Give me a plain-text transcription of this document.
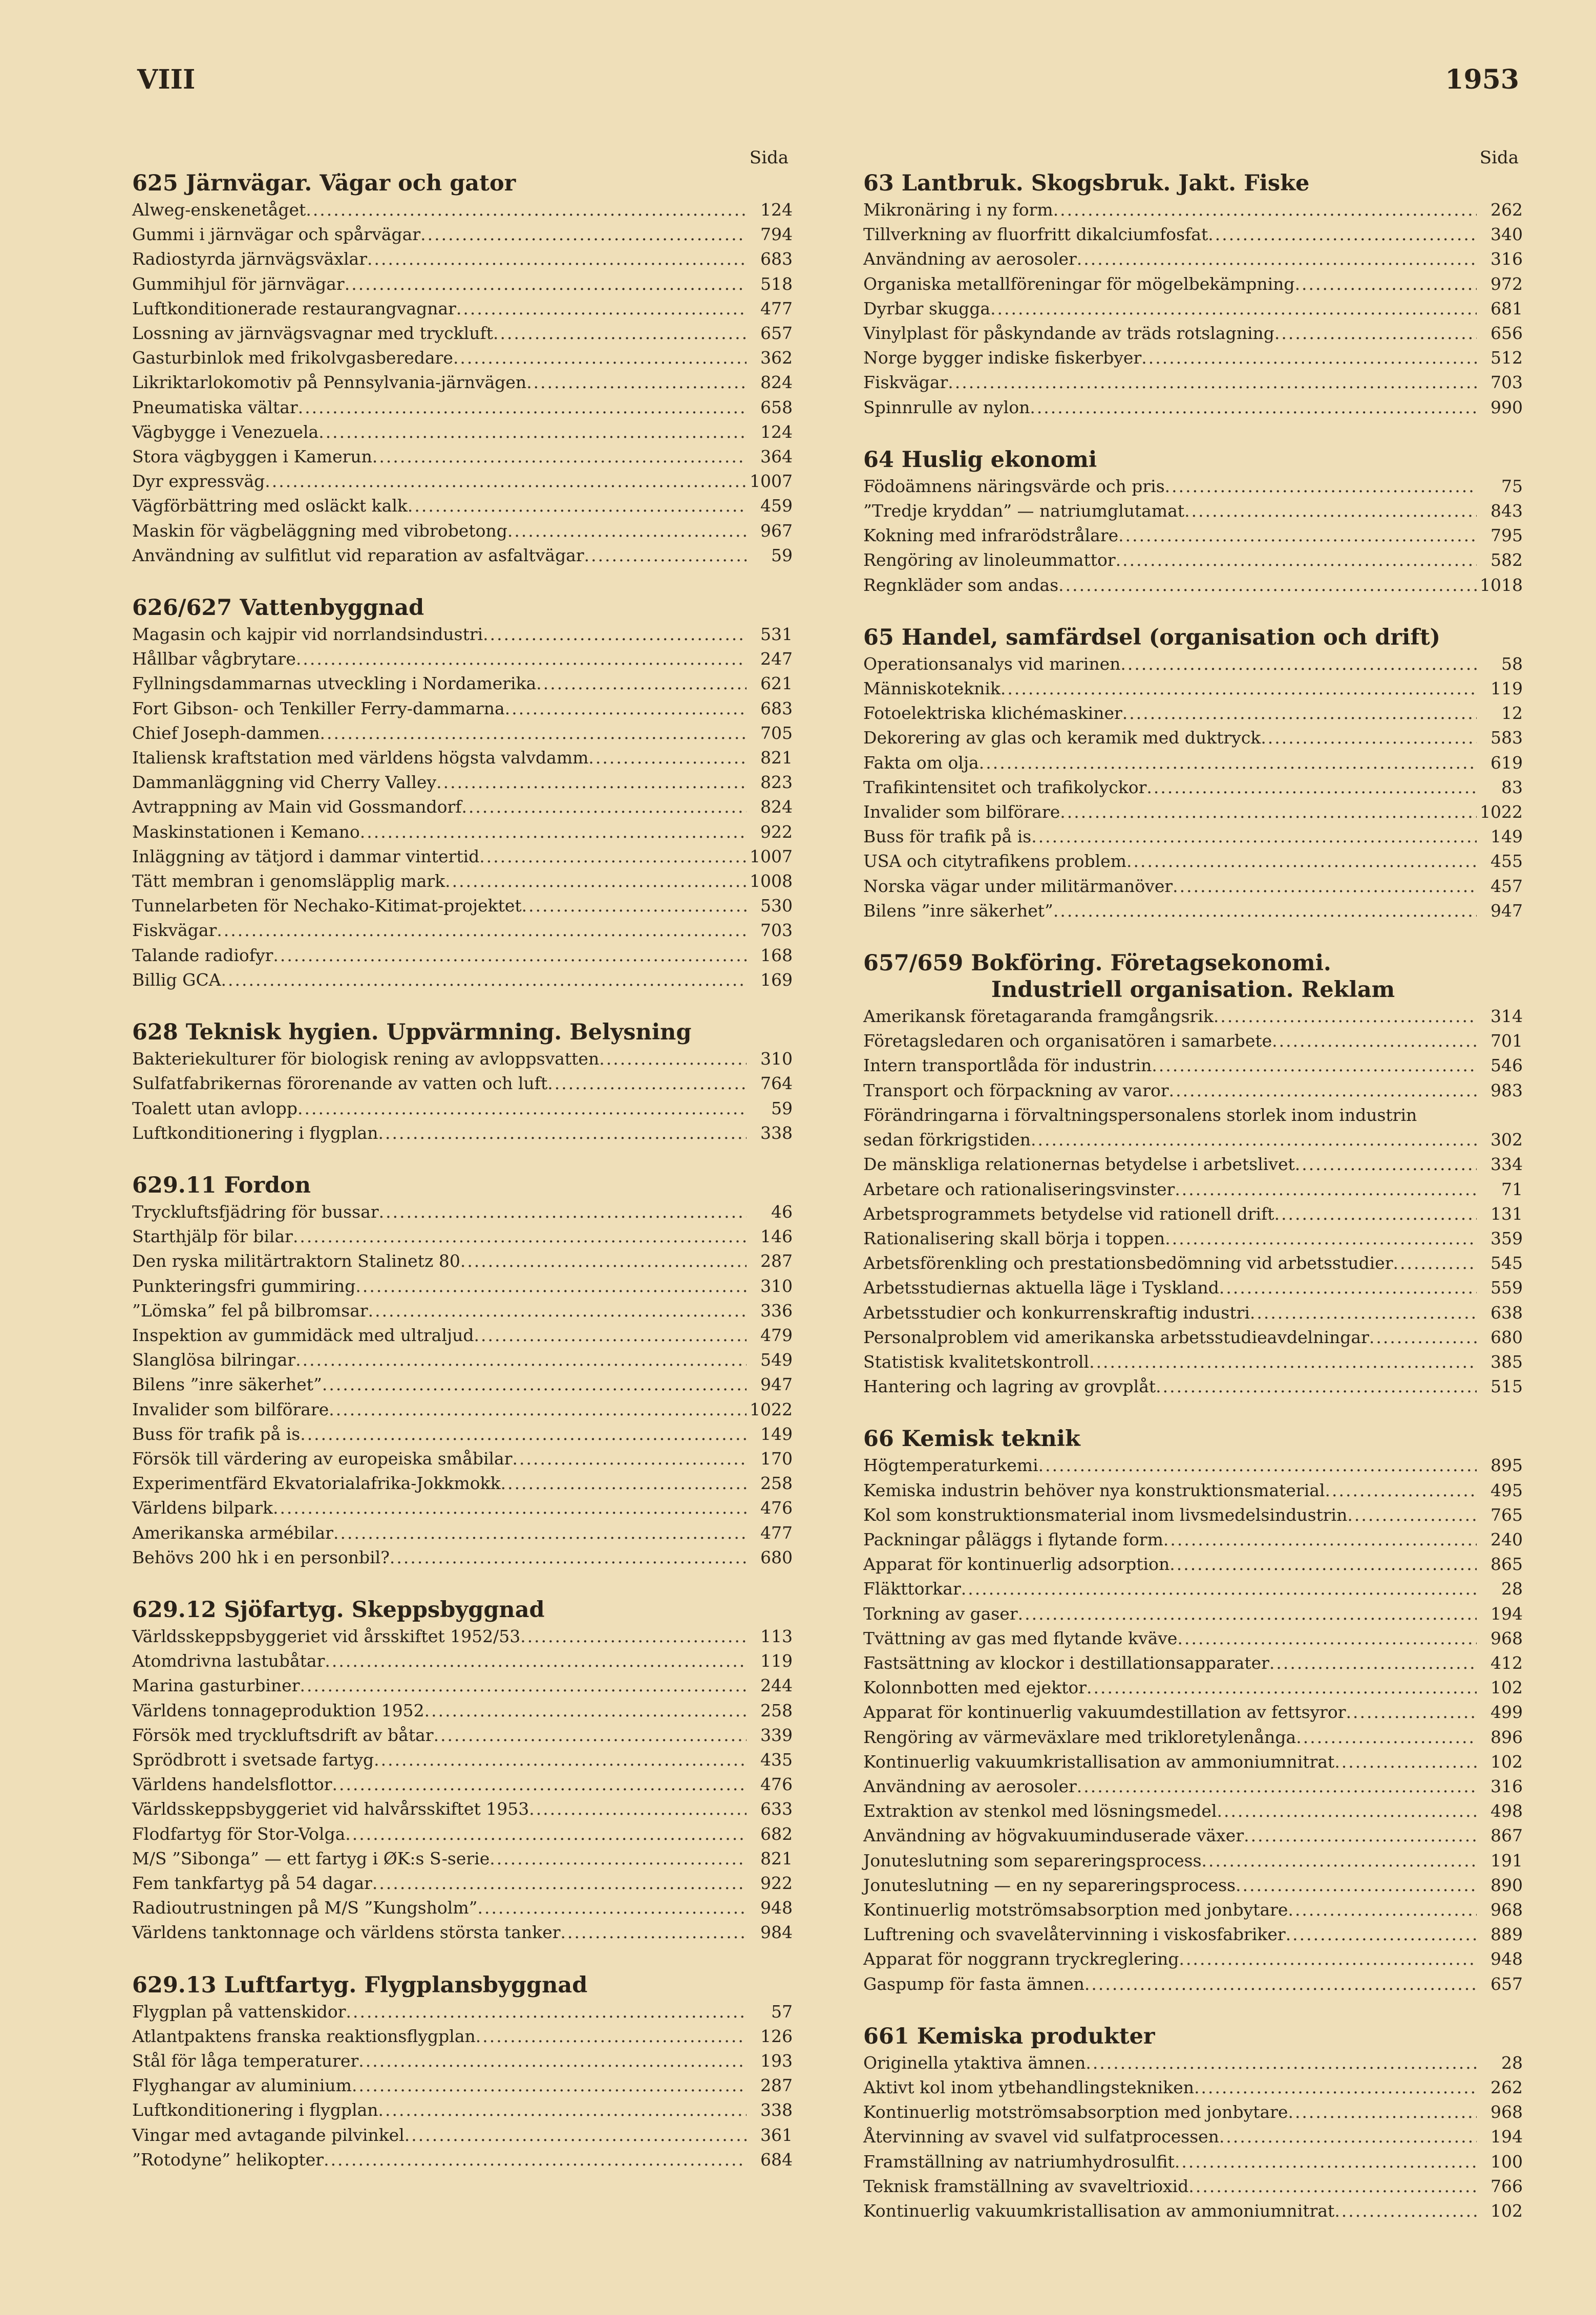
VIII	1953
Sida
625 Järnvägar. Vägar och gator
Alweg-enskenetåget .....	124
Gummi i järnvägar och spårvägar .....	794
Radiostyrda järnvägsväxlar .....	683
Gummihjul för järnvägar .....	518
Luftkonditionerade restaurangvagnar .....	477
Lossning av järnvägsvagnar med tryckluft .....	657
Gasturbinlok med frikolvgasberedare .....	362
Likriktarlokomotiv på Pennsylvania-järnvägen .....	824
Pneumatiska vältar .....	658
Vägbygge i Venezuela .....	124
Stora vägbyggen i Kamerun .....	364
Dyr expressväg .....	1007
Vägförbättring med osläckt kalk .....	459
Maskin för vägbeläggning med vibrobetong .....	967
Användning av sulfitlut vid reparation av asfaltvägar .....	59
626/627 Vattenbyggnad
Magasin och kajpir vid norrlandsindustri .....	531
Hållbar vågbrytare .....	247
Fyllningsdammarnas utveckling i Nordamerika .....	621
Fort Gibson- och Tenkiller Ferry-dammarna .....	683
Chief Joseph-dammen .....	705
Italiensk kraftstation med världens högsta valvdamm .....	821
Dammanläggning vid Cherry Valley .....	823
Avtrappning av Main vid Gossmandorf .....	824
Maskinstationen i Kemano .....	922
Inläggning av tätjord i dammar vintertid .....	1007
Tätt membran i genomsläpplig mark .....	1008
Tunnelarbeten för Nechako-Kitimat-projektet .....	530
Fiskvägar .....	703
Talande radiofyr .....	168
Billig GCA .....	169
628 Teknisk hygien. Uppvärmning. Belysning
Bakteriekulturer för biologisk rening av avloppsvatten .....	310
Sulfatfabrikernas förorenande av vatten och luft .....	764
Toalett utan avlopp .....	59
Luftkonditionering i flygplan .....	338
629.11 Fordon
Tryckluftsfjädring för bussar .....	46
Starthjälp för bilar .....	146
Den ryska militärtraktorn Stalinetz 80 .....	287
Punkteringsfri gummiring .....	310
”Lömska” fel på bilbromsar .....	336
Inspektion av gummidäck med ultraljud .....	479
Slanglösa bilringar .....	549
Bilens ”inre säkerhet” .....	947
Invalider som bilförare .....	1022
Buss för trafik på is .....	149
Försök till värdering av europeiska småbilar .....	170
Experimentfärd Ekvatorialafrika-Jokkmokk .....	258
Världens bilpark .....	476
Amerikanska armébilar .....	477
Behövs 200 hk i en personbil? .....	680
629.12 Sjöfartyg. Skeppsbyggnad
Världsskeppsbyggeriet vid årsskiftet 1952/53 .....	113
Atomdrivna lastubåtar .....	119
Marina gasturbiner .....	244
Världens tonnageproduktion 1952 .....	258
Försök med tryckluftsdrift av båtar .....	339
Sprödbrott i svetsade fartyg .....	435
Världens handelsflottor .....	476
Världsskeppsbyggeriet vid halvårsskiftet 1953 .....	633
Flodfartyg för Stor-Volga .....	682
M/S ”Sibonga” — ett fartyg i ØK:s S-serie .....	821
Fem tankfartyg på 54 dagar .....	922
Radioutrustningen på M/S ”Kungsholm” .....	948
Världens tanktonnage och världens största tanker .....	984
629.13 Luftfartyg. Flygplansbyggnad
Flygplan på vattenskidor .....	57
Atlantpaktens franska reaktionsflygplan .....	126
Stål för låga temperaturer .....	193
Flyghangar av aluminium .....	287
Luftkonditionering i flygplan .....	338
Vingar med avtagande pilvinkel .....	361
”Rotodyne” helikopter .....	684
Sida
63 Lantbruk. Skogsbruk. Jakt. Fiske
Mikronäring i ny form .....	262
Tillverkning av fluorfritt dikalciumfosfat .....	340
Användning av aerosoler .....	316
Organiska metallföreningar för mögelbekämpning .....	972
Dyrbar skugga .....	681
Vinylplast för påskyndande av träds rotslagning .....	656
Norge bygger indiske fiskerbyer .....	512
Fiskvägar .....	703
Spinnrulle av nylon .....	990
64 Huslig ekonomi
Födoämnens näringsvärde och pris .....	75
”Tredje kryddan” — natriumglutamat .....	843
Kokning med infrarödstrålare .....	795
Rengöring av linoleummattor .....	582
Regnkläder som andas .....	1018
65 Handel, samfärdsel (organisation och drift)
Operationsanalys vid marinen .....	58
Människoteknik .....	119
Fotoelektriska klichémaskiner .....	12
Dekorering av glas och keramik med duktryck .....	583
Fakta om olja .....	619
Trafikintensitet och trafikolyckor .....	83
Invalider som bilförare .....	1022
Buss för trafik på is .....	149
USA och citytrafikens problem .....	455
Norska vägar under militärmanöver .....	457
Bilens ”inre säkerhet” .....	947
657/659 Bokföring. Företagsekonomi.
Industriell organisation. Reklam
Amerikansk företagaranda framgångsrik .....	314
Företagsledaren och organisatören i samarbete .....	701
Intern transportlåda för industrin .....	546
Transport och förpackning av varor .....	983
Förändringarna i förvaltningspersonalens storlek inom industrin
sedan förkrigstiden .....	302
De mänskliga relationernas betydelse i arbetslivet .....	334
Arbetare och rationaliseringsvinster .....	71
Arbetsprogrammets betydelse vid rationell drift .....	131
Rationalisering skall börja i toppen .....	359
Arbetsförenkling och prestationsbedömning vid arbetsstudier .....	545
Arbetsstudiernas aktuella läge i Tyskland .....	559
Arbetsstudier och konkurrenskraftig industri .....	638
Personalproblem vid amerikanska arbetsstudieavdelningar .....	680
Statistisk kvalitetskontroll .....	385
Hantering och lagring av grovplåt .....	515
66 Kemisk teknik
Högtemperaturkemi .....	895
Kemiska industrin behöver nya konstruktionsmaterial .....	495
Kol som konstruktionsmaterial inom livsmedelsindustrin .....	765
Packningar påläggs i flytande form .....	240
Apparat för kontinuerlig adsorption .....	865
Fläkttorkar .....	28
Torkning av gaser .....	194
Tvättning av gas med flytande kväve .....	968
Fastsättning av klockor i destillationsapparater .....	412
Kolonnbotten med ejektor .....	102
Apparat för kontinuerlig vakuumdestillation av fettsyror .....	499
Rengöring av värmeväxlare med trikloretylenånga .....	896
Kontinuerlig vakuumkristallisation av ammoniumnitrat .....	102
Användning av aerosoler .....	316
Extraktion av stenkol med lösningsmedel .....	498
Användning av högvakuuminduserade växer .....	867
Jonuteslutning som separeringsprocess .....	191
Jonuteslutning — en ny separeringsprocess .....	890
Kontinuerlig motströmsabsorption med jonbytare .....	968
Luftrening och svavelåtervinning i viskosfabriker .....	889
Apparat för noggrann tryckreglering .....	948
Gaspump för fasta ämnen .....	657
661 Kemiska produkter
Originella ytaktiva ämnen .....	28
Aktivt kol inom ytbehandlingstekniken .....	262
Kontinuerlig motströmsabsorption med jonbytare .....	968
Återvinning av svavel vid sulfatprocessen .....	194
Framställning av natriumhydrosulfit .....	100
Teknisk framställning av svaveltrioxid .....	766
Kontinuerlig vakuumkristallisation av ammoniumnitrat .....	102
